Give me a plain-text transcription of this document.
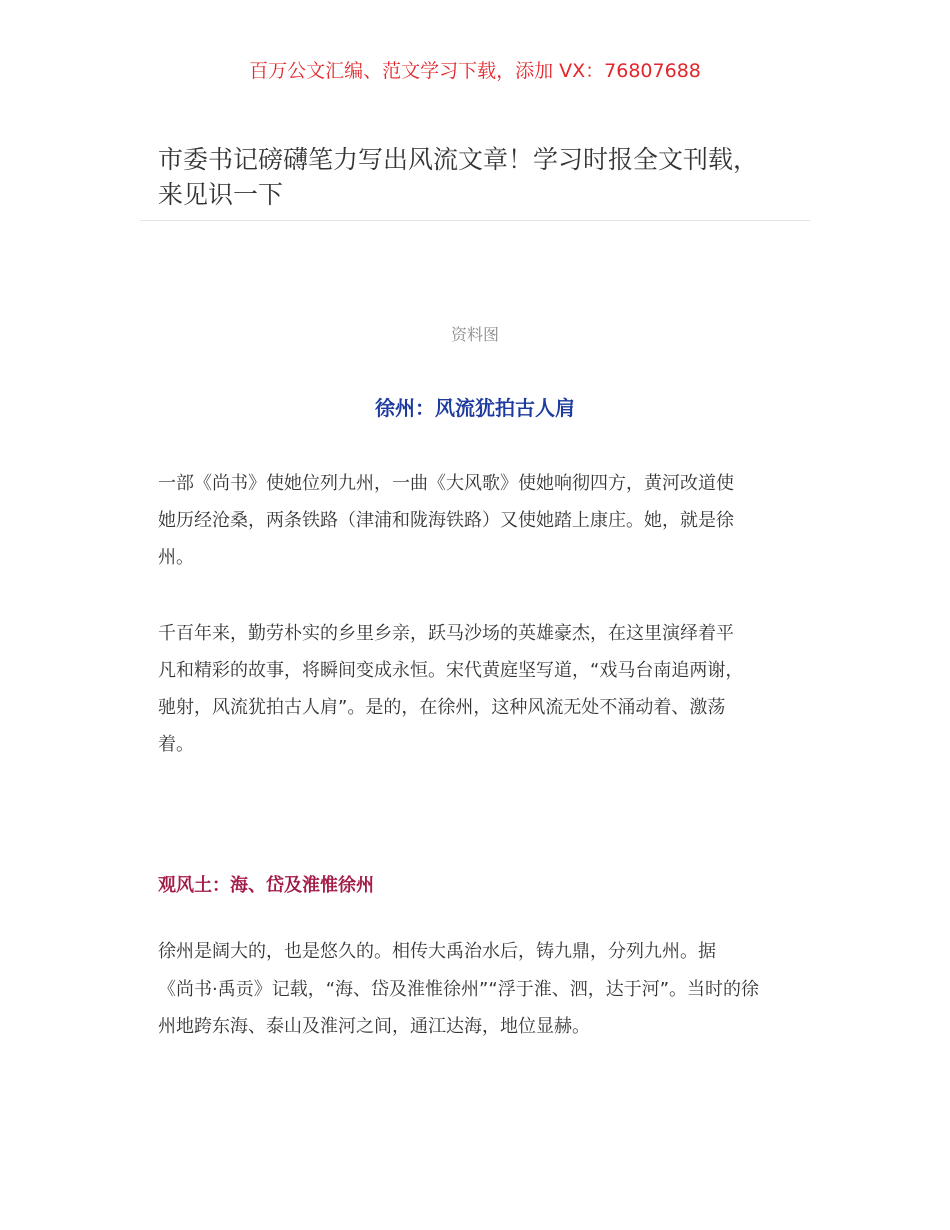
百万公文汇编、范文学习下载，添加 VX：76807688
市委书记磅礴笔力写出风流文章！学习时报全文刊载，
来见识一下
资料图
徐州：风流犹拍古人肩
一部《尚书》使她位列九州，一曲《大风歌》使她响彻四方，黄河改道使
她历经沧桑，两条铁路（津浦和陇海铁路）又使她踏上康庄。她，就是徐
州。
千百年来，勤劳朴实的乡里乡亲，跃马沙场的英雄豪杰，在这里演绎着平
凡和精彩的故事，将瞬间变成永恒。宋代黄庭坚写道，“戏马台南追两谢，
驰射，风流犹拍古人肩”。是的，在徐州，这种风流无处不涌动着、激荡
着。
观风土：海、岱及淮惟徐州
徐州是阔大的，也是悠久的。相传大禹治水后，铸九鼎，分列九州。据
《尚书·禹贡》记载，“海、岱及淮惟徐州”“浮于淮、泗，达于河”。当时的徐
州地跨东海、泰山及淮河之间，通江达海，地位显赫。
